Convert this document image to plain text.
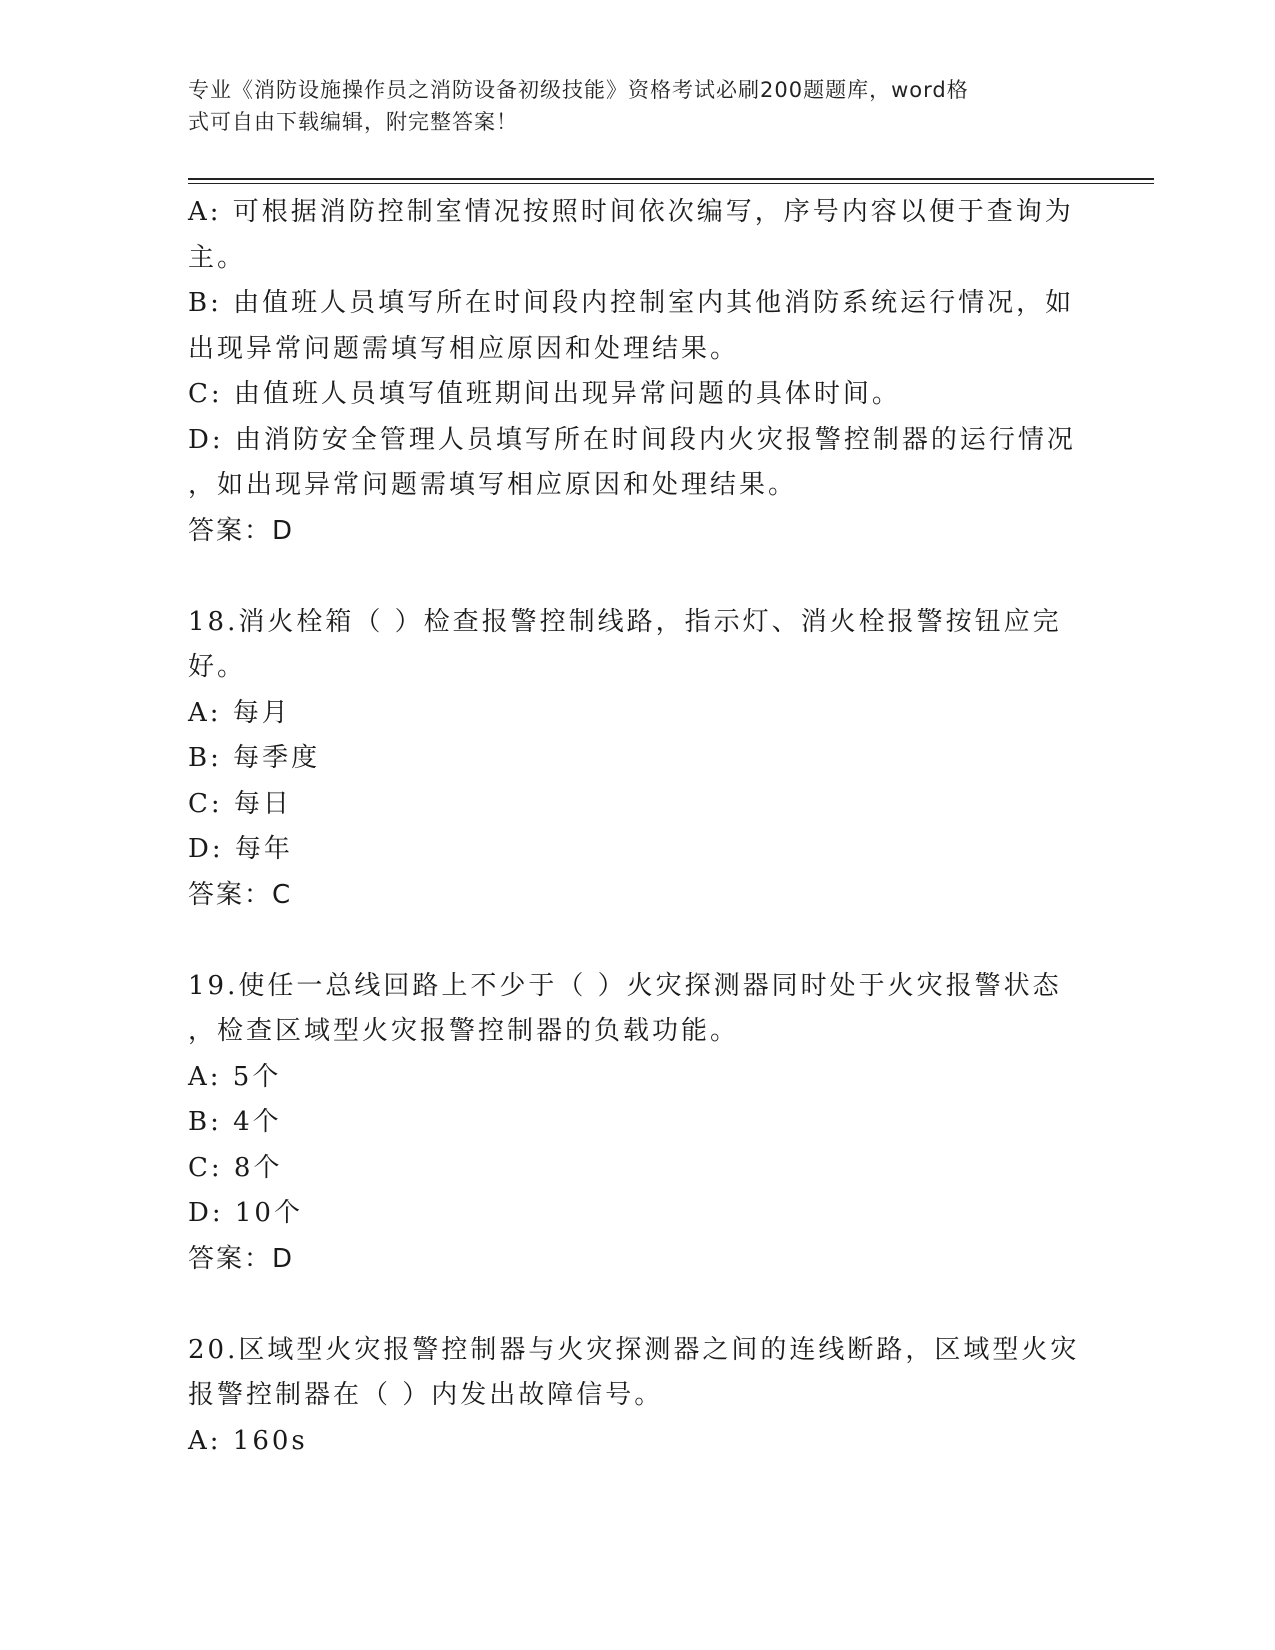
专业《消防设施操作员之消防设备初级技能》资格考试必刷200题题库，word格
式可自由下载编辑，附完整答案！
A: 可根据消防控制室情况按照时间依次编写，序号内容以便于查询为
主。
B: 由值班人员填写所在时间段内控制室内其他消防系统运行情况，如
出现异常问题需填写相应原因和处理结果。
C: 由值班人员填写值班期间出现异常问题的具体时间。
D: 由消防安全管理人员填写所在时间段内火灾报警控制器的运行情况
，如出现异常问题需填写相应原因和处理结果。
答案：D
18.消火栓箱（ ）检查报警控制线路，指示灯、消火栓报警按钮应完
好。
A: 每月
B: 每季度
C: 每日
D: 每年
答案：C
19.使任一总线回路上不少于（ ）火灾探测器同时处于火灾报警状态
，检查区域型火灾报警控制器的负载功能。
A: 5个
B: 4个
C: 8个
D: 10个
答案：D
20.区域型火灾报警控制器与火灾探测器之间的连线断路，区域型火灾
报警控制器在（ ）内发出故障信号。
A: 160s
